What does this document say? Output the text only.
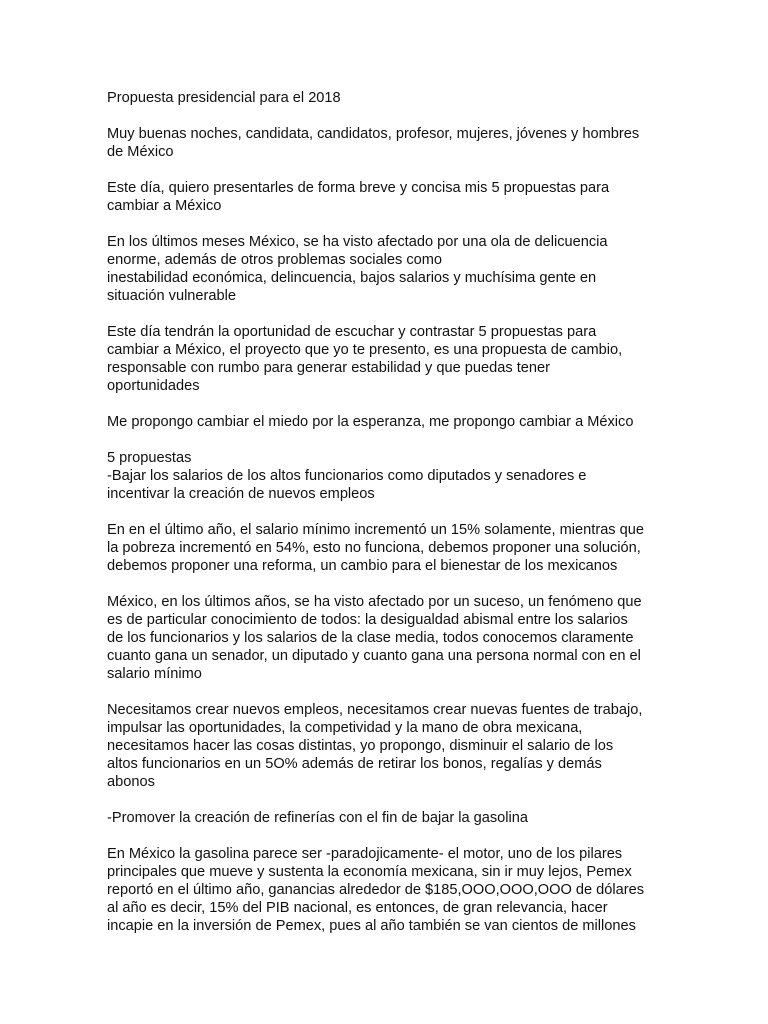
Propuesta presidencial para el 2018
Muy buenas noches, candidata, candidatos, profesor, mujeres, jóvenes y hombres
de México
Este día, quiero presentarles de forma breve y concisa mis 5 propuestas para
cambiar a México
En los últimos meses México, se ha visto afectado por una ola de delicuencia
enorme, además de otros problemas sociales como
inestabilidad económica, delincuencia, bajos salarios y muchísima gente en
situación vulnerable
Este día tendrán la oportunidad de escuchar y contrastar 5 propuestas para
cambiar a México, el proyecto que yo te presento, es una propuesta de cambio,
responsable con rumbo para generar estabilidad y que puedas tener
oportunidades
Me propongo cambiar el miedo por la esperanza, me propongo cambiar a México
5 propuestas
-Bajar los salarios de los altos funcionarios como diputados y senadores e
incentivar la creación de nuevos empleos
En en el último año, el salario mínimo incrementó un 15% solamente, mientras que
la pobreza incrementó en 54%, esto no funciona, debemos proponer una solución,
debemos proponer una reforma, un cambio para el bienestar de los mexicanos
México, en los últimos años, se ha visto afectado por un suceso, un fenómeno que
es de particular conocimiento de todos: la desigualdad abismal entre los salarios
de los funcionarios y los salarios de la clase media, todos conocemos claramente
cuanto gana un senador, un diputado y cuanto gana una persona normal con en el
salario mínimo
Necesitamos crear nuevos empleos, necesitamos crear nuevas fuentes de trabajo,
impulsar las oportunidades, la competividad y la mano de obra mexicana,
necesitamos hacer las cosas distintas, yo propongo, disminuir el salario de los
altos funcionarios en un 5O% además de retirar los bonos, regalías y demás
abonos
-Promover la creación de refinerías con el fin de bajar la gasolina
En México la gasolina parece ser -paradojicamente- el motor, uno de los pilares
principales que mueve y sustenta la economía mexicana, sin ir muy lejos, Pemex
reportó en el último año, ganancias alrededor de $185,OOO,OOO,OOO de dólares
al año es decir, 15% del PIB nacional, es entonces, de gran relevancia, hacer
incapie en la inversión de Pemex, pues al año también se van cientos de millones
